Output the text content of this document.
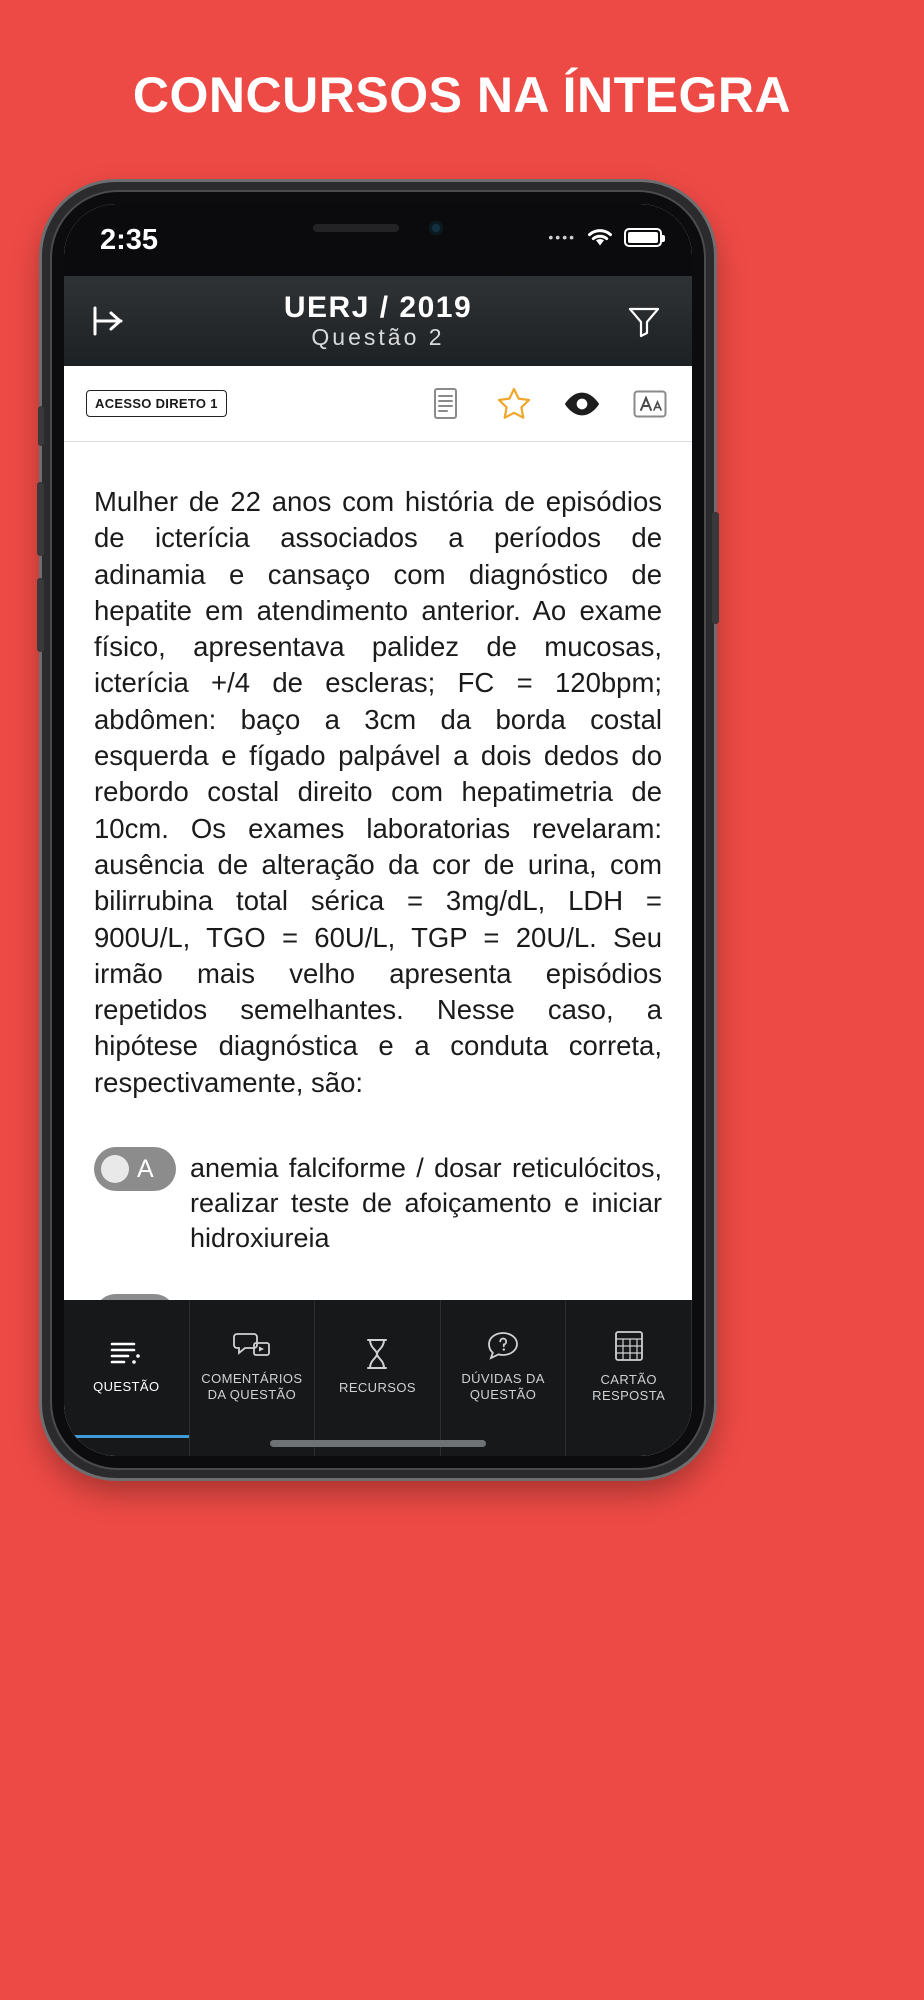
CONCURSOS NA ÍNTEGRA
2:35	••••
UERJ / 2019
Questão 2
ACESSO DIRETO 1
Mulher de 22 anos com história de episódios de icterícia associados a períodos de adinamia e cansaço com diagnóstico de hepatite em atendimento anterior. Ao exame físico, apresentava palidez de mucosas, icterícia +/4 de escleras; FC = 120bpm; abdômen: baço a 3cm da borda costal esquerda e fígado palpável a dois dedos do rebordo costal direito com hepatimetria de 10cm. Os exames laboratorias revelaram: ausência de alteração da cor de urina, com bilirrubina total sérica = 3mg/dL, LDH = 900U/L, TGO = 60U/L, TGP = 20U/L. Seu irmão mais velho apresenta episódios repetidos semelhantes. Nesse caso, a hipótese diagnóstica e a conduta correta, respectivamente, são:
A anemia falciforme / dosar reticulócitos, realizar teste de afoiçamento e iniciar hidroxiureia
QUESTÃO
COMENTÁRIOS DA QUESTÃO	RECURSOS
DÚVIDAS DA QUESTÃO
CARTÃO RESPOSTA
